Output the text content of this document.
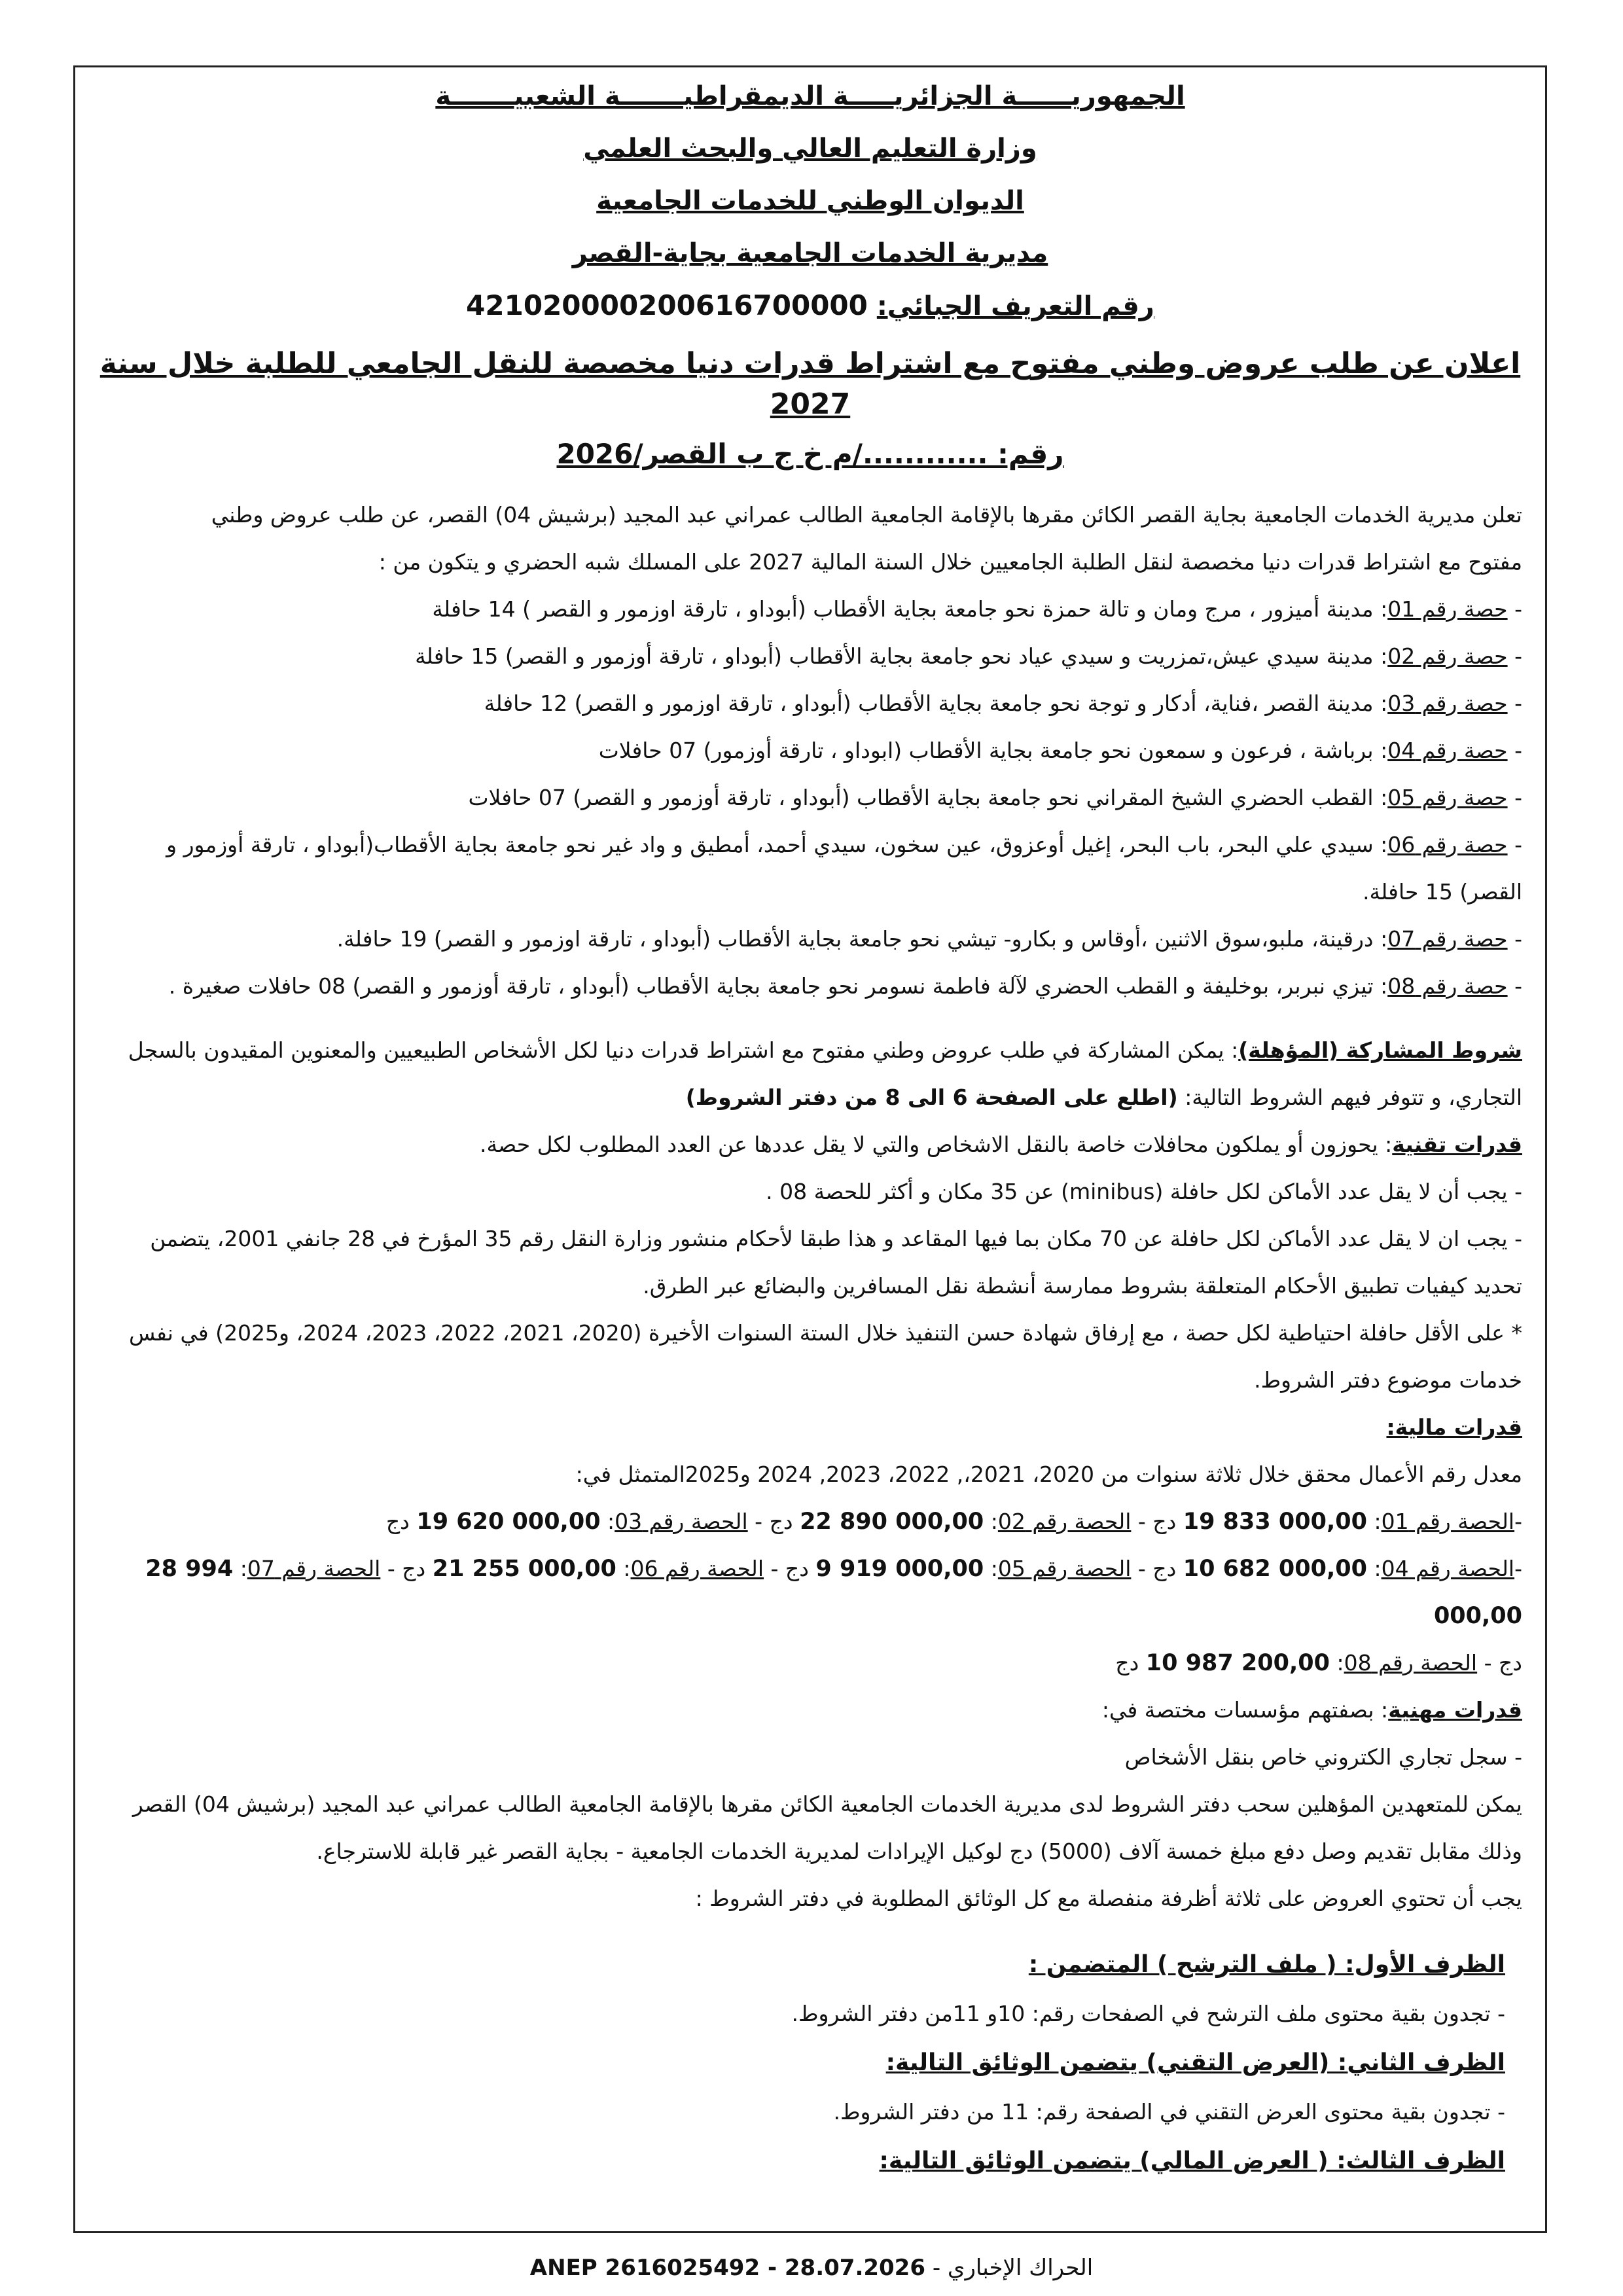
الجمهوريــــــة الجزائريـــــة الديمقراطيـــــــة الشعبيـــــــة
وزارة التعليم العالي والبحث العلمي
الديوان الوطني للخدمات الجامعية
مديرية الخدمات الجامعية بجاية-القصر
رقم التعريف الجبائي: 421020000200616700000
اعلان عن طلب عروض وطني مفتوح مع اشتراط قدرات دنيا مخصصة للنقل الجامعي للطلبة خلال سنة 2027
رقم: ............/م خ ج ب القصر/2026

تعلن مديرية الخدمات الجامعية بجاية القصر الكائن مقرها بالإقامة الجامعية الطالب عمراني عبد المجيد (برشيش 04) القصر، عن طلب عروض وطني

مفتوح مع اشتراط قدرات دنيا مخصصة لنقل الطلبة الجامعيين خلال السنة المالية 2027 على المسلك شبه الحضري و يتكون من :

- حصة رقم 01: مدينة أميزور ، مرج ومان و تالة حمزة نحو جامعة بجاية الأقطاب (أبوداو ، تارقة اوزمور و القصر ) 14 حافلة
- حصة رقم 02: مدينة سيدي عيش،تمزريت و سيدي عياد نحو جامعة بجاية الأقطاب (أبوداو ، تارقة أوزمور و القصر) 15 حافلة
- حصة رقم 03: مدينة القصر ،فناية، أدكار و توجة نحو جامعة بجاية الأقطاب (أبوداو ، تارقة اوزمور و القصر) 12 حافلة
- حصة رقم 04: برباشة ، فرعون و سمعون نحو جامعة بجاية الأقطاب (ابوداو ، تارقة أوزمور) 07 حافلات
- حصة رقم 05: القطب الحضري الشيخ المقراني نحو جامعة بجاية الأقطاب (أبوداو ، تارقة أوزمور و القصر) 07 حافلات
- حصة رقم 06: سيدي علي البحر، باب البحر، إغيل أوعزوق، عين سخون، سيدي أحمد، أمطيق و واد غير نحو جامعة بجاية الأقطاب(أبوداو ، تارقة أوزمور و القصر) 15 حافلة.
- حصة رقم 07: درقينة، ملبو،سوق الاثنين ،أوقاس و بكارو- تيشي نحو جامعة بجاية الأقطاب (أبوداو ، تارقة اوزمور و القصر) 19 حافلة.
- حصة رقم 08: تيزي نبربر، بوخليفة و القطب الحضري لآلة فاطمة نسومر نحو جامعة بجاية الأقطاب (أبوداو ، تارقة أوزمور و القصر) 08 حافلات صغيرة .

شروط المشاركة (المؤهلة): يمكن المشاركة في طلب عروض وطني مفتوح مع اشتراط قدرات دنيا لكل الأشخاص الطبيعيين والمعنوين المقيدون بالسجل التجاري، و تتوفر فيهم الشروط التالية: (اطلع على الصفحة 6 الى 8 من دفتر الشروط)

قدرات تقنية: يحوزون أو يملكون محافلات خاصة بالنقل الاشخاص والتي لا يقل عددها عن العدد المطلوب لكل حصة.

- يجب أن لا يقل عدد الأماكن لكل حافلة (minibus) عن 35 مكان و أكثر للحصة 08 .

- يجب ان لا يقل عدد الأماكن لكل حافلة عن 70 مكان بما فيها المقاعد و هذا طبقا لأحكام منشور وزارة النقل رقم 35 المؤرخ في 28 جانفي 2001، يتضمن تحديد كيفيات تطبيق الأحكام المتعلقة بشروط ممارسة أنشطة نقل المسافرين والبضائع عبر الطرق.

* على الأقل حافلة احتياطية لكل حصة ، مع إرفاق شهادة حسن التنفيذ خلال الستة السنوات الأخيرة (2020، 2021، 2022، 2023، 2024، و2025) في نفس خدمات موضوع دفتر الشروط.

قدرات مالية:

معدل رقم الأعمال محقق خلال ثلاثة سنوات من 2020، 2021،, 2022، 2023, 2024 و2025المتمثل في:

-الحصة رقم 01: 19 833 000,00 دج - الحصة رقم 02: 22 890 000,00 دج - الحصة رقم 03: 19 620 000,00 دج
-الحصة رقم 04: 10 682 000,00 دج - الحصة رقم 05: 9 919 000,00 دج - الحصة رقم 06: 21 255 000,00 دج - الحصة رقم 07: 28 994 000,00
دج - الحصة رقم 08: 10 987 200,00 دج

قدرات مهنية: بصفتهم مؤسسات مختصة في:

- سجل تجاري الكتروني خاص بنقل الأشخاص

يمكن للمتعهدين المؤهلين سحب دفتر الشروط لدى مديرية الخدمات الجامعية الكائن مقرها بالإقامة الجامعية الطالب عمراني عبد المجيد (برشيش 04) القصر وذلك مقابل تقديم وصل دفع مبلغ خمسة آلاف (5000) دج لوكيل الإيرادات لمديرية الخدمات الجامعية - بجاية القصر غير قابلة للاسترجاع.

يجب أن تحتوي العروض على ثلاثة أظرفة منفصلة مع كل الوثائق المطلوبة في دفتر الشروط :

الظرف الأول: ( ملف الترشح ) المتضمن :

- تجدون بقية محتوى ملف الترشح في الصفحات رقم: 10و 11من دفتر الشروط.

الظرف الثاني: (العرض التقني) يتضمن الوثائق التالية:

- تجدون بقية محتوى العرض التقني في الصفحة رقم: 11 من دفتر الشروط.

الظرف الثالث: ( العرض المالي) يتضمن الوثائق التالية:
ANEP 2616025492 - 28.07.2026 - الحراك الإخباري
